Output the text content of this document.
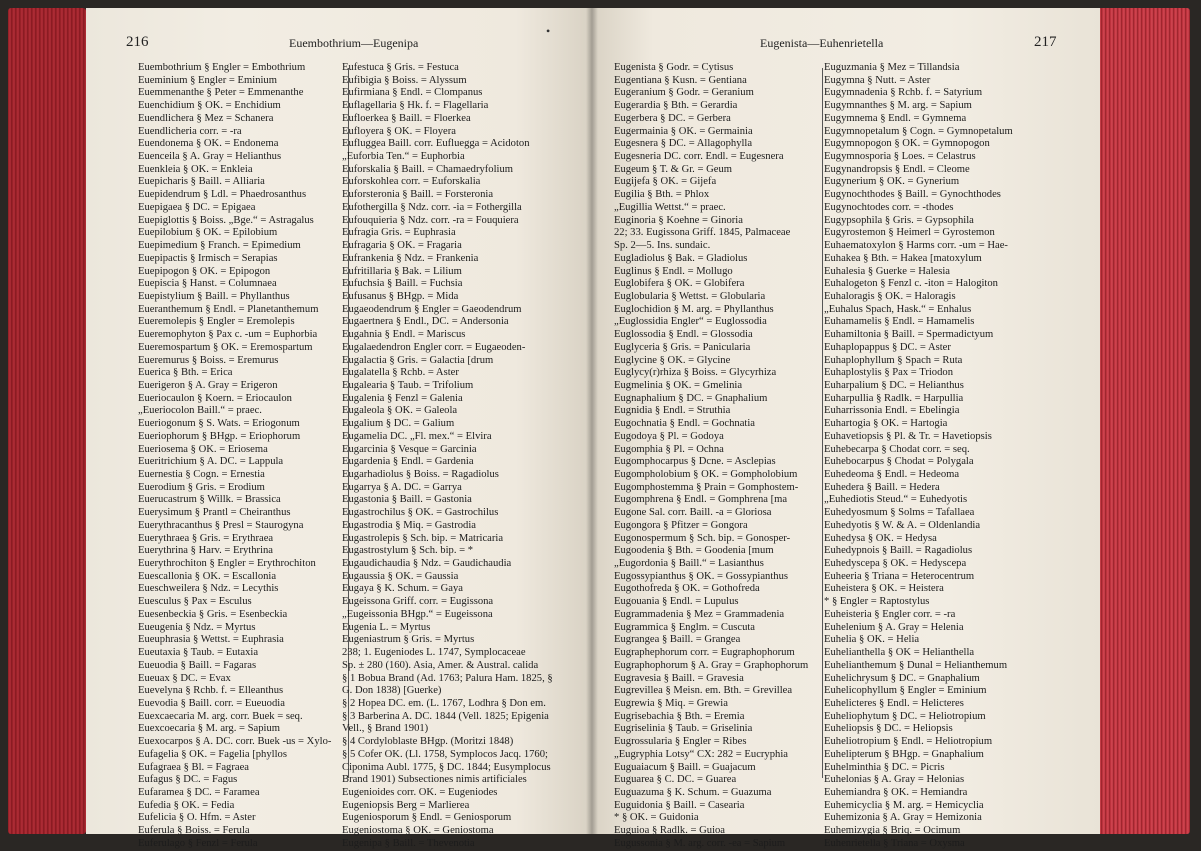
216	Euembothrium—Eugenipa
•
Euembothrium § Engler = Embothrium
Eueminium § Engler = Eminium
Euemmenanthe § Peter = Emmenanthe
Euenchidium § OK. = Enchidium
Euendlichera § Mez = Schanera
Euendlicheria corr. = -ra
Euendonema § OK. = Endonema
Euenceila § A. Gray = Helianthus
Euenkleia § OK. = Enkleia
Euepicharis § Baill. = Alliaria
Euepidendrum § Ldl. = Phaedrosanthus
Euepigaea § DC. = Epigaea
Euepiglottis § Boiss. „Bge.“ = Astragalus
Euepilobium § OK. = Epilobium
Euepimedium § Franch. = Epimedium
Euepipactis § Irmisch = Serapias
Euepipogon § OK. = Epipogon
Euepiscia § Hanst. = Columnaea
Euepistylium § Baill. = Phyllanthus
Eueranthemum § Endl. = Planetanthemum
Eueremolepis § Engler = Eremolepis
Eueremophyton § Pax c. -um = Euphorbia
Eueremospartum § OK. = Eremospartum
Eueremurus § Boiss. = Eremurus
Euerica § Bth. = Erica
Euerigeron § A. Gray = Erigeron
Eueriocaulon § Koern. = Eriocaulon
„Eueriocolon Baill.“ = praec.
Eueriogonum § S. Wats. = Eriogonum
Eueriophorum § BHgp. = Eriophorum
Eueriosema § OK. = Eriosema
Eueritrichium § A. DC. = Lappula
Euernestia § Cogn. = Ernestia
Euerodium § Gris. = Erodium
Euerucastrum § Willk. = Brassica
Euerysimum § Prantl = Cheiranthus
Euerythracanthus § Presl = Staurogyna
Euerythraea § Gris. = Erythraea
Euerythrina § Harv. = Erythrina
Euerythrochiton § Engler = Erythrochiton
Euescallonia § OK. = Escallonia
Eueschweilera § Ndz. = Lecythis
Euesculus § Pax = Esculus
Euesenbeckia § Gris. = Esenbeckia
Eueugenia § Ndz. = Myrtus
Eueuphrasia § Wettst. = Euphrasia
Eueutaxia § Taub. = Eutaxia
Eueuodia § Baill. = Fagaras
Eueuax § DC. = Evax
Euevelyna § Rchb. f. = Elleanthus
Euevodia § Baill. corr. = Eueuodia
Euexcaecaria M. arg. corr. Buek = seq.
Euexcoecaria § M. arg. = Sapium
Euexocarpos § A. DC. corr. Buek -us = Xylo-
Eufagelia § OK. = Fagelia [phyllos
Eufagraea § Bl. = Fagraea
Eufagus § DC. = Fagus
Eufaramea § DC. = Faramea
Eufedia § OK. = Fedia
Eufelicia § O. Hfm. = Aster
Euferula § Boiss. = Ferula
Euferulago § Fenzl = Ferula
Eufestuca § Gris. = Festuca
Eufibigia § Boiss. = Alyssum
Eufirmiana § Endl. = Clompanus
Euflagellaria § Hk. f. = Flagellaria
Eufloerkea § Baill. = Floerkea
Eufloyera § OK. = Floyera
Eufluggea Baill. corr. Eufluegga = Acidoton
„Euforbia Ten.“ = Euphorbia
Euforskalia § Baill. = Chamaedryfolium
Euforskohlea corr. = Euforskalia
Euforsteronia § Baill. = Forsteronia
Eufothergilla § Ndz. corr. -ia = Fothergilla
Eufouquieria § Ndz. corr. -ra = Fouquiera
Eufragia Gris. = Euphrasia
Eufragaria § OK. = Fragaria
Eufrankenia § Ndz. = Frankenia
Eufritillaria § Bak. = Lilium
Eufuchsia § Baill. = Fuchsia
Eufusanus § BHgp. = Mida
Eugaeodendrum § Engler = Gaeodendrum
Eugaertnera § Endl., DC. = Andersonia
Eugahnia § Endl. = Mariscus
Eugalaedendron Engler corr. = Eugaeoden-
Eugalactia § Gris. = Galactia [drum
Eugalatella § Rchb. = Aster
Eugalearia § Taub. = Trifolium
Eugalenia § Fenzl = Galenia
Eugaleola § OK. = Galeola
Eugalium § DC. = Galium
Eugamelia DC. „Fl. mex.“ = Elvira
Eugarcinia § Vesque = Garcinia
Eugardenia § Endl. = Gardenia
Eugarhadiolus § Boiss. = Ragadiolus
Eugarrya § A. DC. = Garrya
Eugastonia § Baill. = Gastonia
Eugastrochilus § OK. = Gastrochilus
Eugastrodia § Miq. = Gastrodia
Eugastrolepis § Sch. bip. = Matricaria
Eugastrostylum § Sch. bip. = *
Eugaudichaudia § Ndz. = Gaudichaudia
Eugaussia § OK. = Gaussia
Eugaya § K. Schum. = Gaya
Eugeissona Griff. corr. = Eugissona
„Eugeissonia BHgp.“ = Eugeissona
Eugenia L. = Myrtus
Eugeniastrum § Gris. = Myrtus
238; 1. Eugeniodes L. 1747, Symplocaceae
Sp. ± 280 (160). Asia, Amer. & Austral. calida
§ 1 Bobua Brand (Ad. 1763; Palura Ham. 1825, §
G. Don 1838) [Guerke)
§ 2 Hopea DC. em. (L. 1767, Lodhra § Don em.
§ 3 Barberina A. DC. 1844 (Vell. 1825; Epigenia
Vell., § Brand 1901)
§ 4 Cordyloblaste BHgp. (Moritzi 1848)
§ 5 Cofer OK. (Ll. 1758, Symplocos Jacq. 1760;
Ciponima Aubl. 1775, § DC. 1844; Eusymplocus
Brand 1901) Subsectiones nimis artificiales
Eugenioides corr. OK. = Eugeniodes
Eugeniopsis Berg = Marlierea
Eugeniosporum § Endl. = Geniosporum
Eugeniostoma § OK. = Geniostoma
Eugenipa § Baill. = Thevenotia
217
Eugenista—Euhenrietella
Eugenista § Godr. = Cytisus
Eugentiana § Kusn. = Gentiana
Eugeranium § Godr. = Geranium
Eugerardia § Bth. = Gerardia
Eugerbera § DC. = Gerbera
Eugermainia § OK. = Germainia
Eugesnera § DC. = Allagophylla
Eugesneria DC. corr. Endl. = Eugesnera
Eugeum § T. & Gr. = Geum
Eugijefa § OK. = Gijefa
Eugilia § Bth. = Phlox
„Eugillia Wettst.“ = praec.
Euginoria § Koehne = Ginoria
22; 33. Eugissona Griff. 1845, Palmaceae
Sp. 2—5. Ins. sundaic.
Eugladiolus § Bak. = Gladiolus
Euglinus § Endl. = Mollugo
Euglobifera § OK. = Globifera
Euglobularia § Wettst. = Globularia
Euglochidion § M. arg. = Phyllanthus
„Euglossidia Engler“ = Euglossodia
Euglossodia § Endl. = Glossodia
Euglyceria § Gris. = Panicularia
Euglycine § OK. = Glycine
Euglycy(r)rhiza § Boiss. = Glycyrhiza
Eugmelinia § OK. = Gmelinia
Eugnaphalium § DC. = Gnaphalium
Eugnidia § Endl. = Struthia
Eugochnatia § Endl. = Gochnatia
Eugodoya § Pl. = Godoya
Eugomphia § Pl. = Ochna
Eugomphocarpus § Dcne. = Asclepias
Eugompholobium § OK. = Gompholobium
Eugomphostemma § Prain = Gomphostem-
Eugomphrena § Endl. = Gomphrena [ma
Eugone Sal. corr. Baill. -a = Gloriosa
Eugongora § Pfitzer = Gongora
Eugonospermum § Sch. bip. = Gonosper-
Eugoodenia § Bth. = Goodenia [mum
„Eugordonia § Baill.“ = Lasianthus
Eugossypianthus § OK. = Gossypianthus
Eugothofreda § OK. = Gothofreda
Eugouania § Endl. = Lupulus
Eugrammadenia § Mez = Grammadenia
Eugrammica § Englm. = Cuscuta
Eugrangea § Baill. = Grangea
Eugraphephorum corr. = Eugraphophorum
Eugraphophorum § A. Gray = Graphophorum
Eugravesia § Baill. = Gravesia
Eugrevillea § Meisn. em. Bth. = Grevillea
Eugrewia § Miq. = Grewia
Eugrisebachia § Bth. = Eremia
Eugriselinia § Taub. = Griselinia
Eugrossularia § Engler = Ribes
„Eugryphia Lotsy“ CX: 282 = Eucryphia
Euguaiacum § Baill. = Guajacum
Euguarea § C. DC. = Guarea
Euguazuma § K. Schum. = Guazuma
Euguidonia § Baill. = Casearia
* § OK. = Guidonia
Euguioa § Radlk. = Guioa
Eugussonia § M. arg. corr. -ea = Sapium
Euguzmania § Mez = Tillandsia
Eugymna § Nutt. = Aster
Eugymnadenia § Rchb. f. = Satyrium
Eugymnanthes § M. arg. = Sapium
Eugymnema § Endl. = Gymnema
Eugymnopetalum § Cogn. = Gymnopetalum
Eugymnopogon § OK. = Gymnopogon
Eugymnosporia § Loes. = Celastrus
Eugynandropsis § Endl. = Cleome
Eugynerium § OK. = Gynerium
Eugynochthodes § Baill. = Gynochthodes
Eugynochtodes corr. = -thodes
Eugypsophila § Gris. = Gypsophila
Eugyrostemon § Heimerl = Gyrostemon
Euhaematoxylon § Harms corr. -um = Hae-
Euhakea § Bth. = Hakea [matoxylum
Euhalesia § Guerke = Halesia
Euhalogeton § Fenzl c. -iton = Halogiton
Euhaloragis § OK. = Haloragis
„Euhalus Spach, Hask.“ = Enhalus
Euhamamelis § Endl. = Hamamelis
Euhamiltonia § Baill. = Spermadictyum
Euhaplopappus § DC. = Aster
Euhaplophyllum § Spach = Ruta
Euhaplostylis § Pax = Triodon
Euharpalium § DC. = Helianthus
Euharpullia § Radlk. = Harpullia
Euharrissonia Endl. = Ebelingia
Euhartogia § OK. = Hartogia
Euhavetiopsis § Pl. & Tr. = Havetiopsis
Euhebecarpa § Chodat corr. = seq.
Euhebocarpus § Chodat = Polygala
Euhedeoma § Endl. = Hedeoma
Euhedera § Baill. = Hedera
„Euhediotis Steud.“ = Euhedyotis
Euhedyosmum § Solms = Tafallaea
Euhedyotis § W. & A. = Oldenlandia
Euhedysa § OK. = Hedysa
Euhedypnois § Baill. = Ragadiolus
Euhedyscepa § OK. = Hedyscepa
Euheeria § Triana = Heterocentrum
Euheistera § OK. = Heistera
* § Engler = Raptostylus
Euheisteria § Engler corr. = -ra
Euhelenium § A. Gray = Helenia
Euhelia § OK. = Helia
Euhelianthella § OK = Helianthella
Euhelianthemum § Dunal = Helianthemum
Euhelichrysum § DC. = Gnaphalium
Euhelicophyllum § Engler = Eminium
Euhelicteres § Endl. = Helicteres
Euheliophytum § DC. = Heliotropium
Euheliopsis § DC. = Heliopsis
Euheliotropium § Endl. = Heliotropium
Euhelipterum § BHgp. = Gnaphalium
Euhelminthia § DC. = Picris
Euhelonias § A. Gray = Helonias
Euhemiandra § OK. = Hemiandra
Euhemicyclia § M. arg. = Hemicyclia
Euhemizonia § A. Gray = Hemizonia
Euhemizygia § Briq. = Ocimum
Euhenrietella § Triana = Oxysma
